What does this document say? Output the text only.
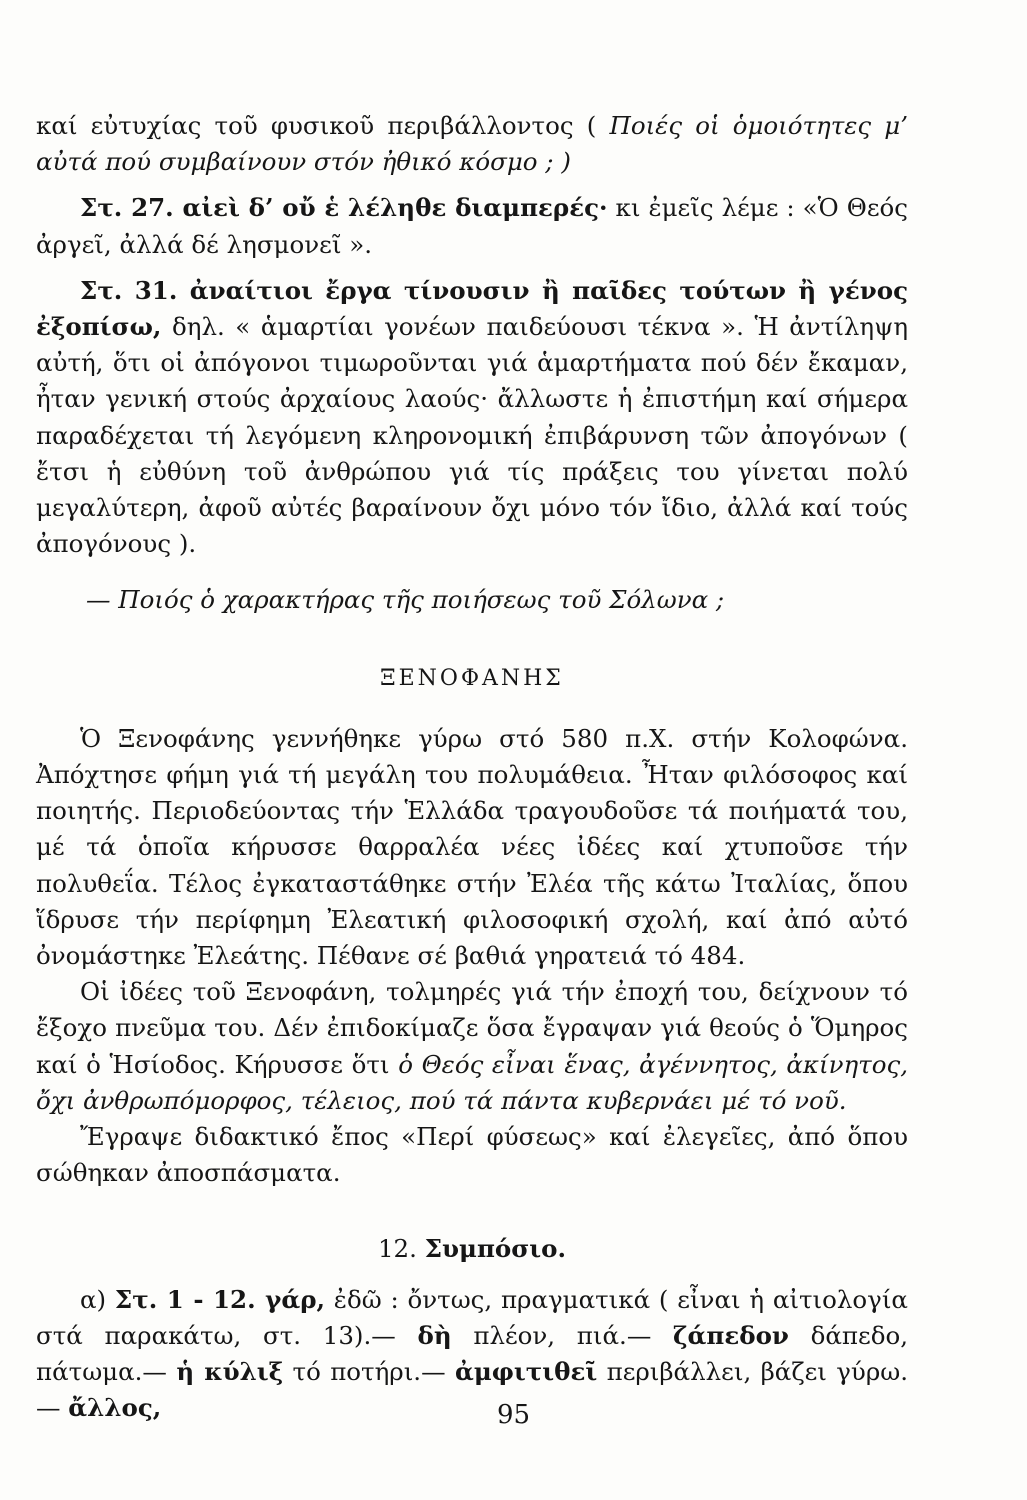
καί εὐτυχίας τοῦ φυσικοῦ περιβάλλοντος ( Ποιές οἱ ὁμοιότητες μ’ αὐτά πού συμβαίνουν στόν ἠθικό κόσμο ; )

Στ. 27. αἰεὶ δ’ οὔ ἑ λέληθε διαμπερές· κι ἐμεῖς λέμε : «Ὁ Θεός ἀργεῖ, ἀλλά δέ λησμονεῖ ».

Στ. 31. ἀναίτιοι ἔργα τίνουσιν ἢ παῖδες τούτων ἢ γένος ἐξοπίσω, δηλ. « ἁμαρτίαι γονέων παιδεύουσι τέκνα ». Ἡ ἀντίληψη αὐτή, ὅτι οἱ ἀπόγονοι τιμωροῦνται γιά ἁμαρτήματα πού δέν ἔκαμαν, ἦταν γενική στούς ἀρχαίους λαούς· ἄλλωστε ἡ ἐπιστήμη καί σήμερα παραδέχεται τή λεγόμενη κληρονομική ἐπιβάρυνση τῶν ἀπογόνων ( ἔτσι ἡ εὐθύνη τοῦ ἀνθρώπου γιά τίς πράξεις του γίνεται πολύ μεγαλύτερη, ἀφοῦ αὐτές βαραίνουν ὄχι μόνο τόν ἴδιο, ἀλλά καί τούς ἀπογόνους ).

— Ποιός ὁ χαρακτήρας τῆς ποιήσεως τοῦ Σόλωνα ;

ΞΕΝΟΦΑΝΗΣ

Ὁ Ξενοφάνης γεννήθηκε γύρω στό 580 π.Χ. στήν Κολοφώνα. Ἀπόχτησε φήμη γιά τή μεγάλη του πολυμάθεια. Ἦταν φιλόσοφος καί ποιητής. Περιοδεύοντας τήν Ἑλλάδα τραγουδοῦσε τά ποιήματά του, μέ τά ὁποῖα κήρυσσε θαρραλέα νέες ἰδέες καί χτυποῦσε τήν πολυθεΐα. Τέλος ἐγκαταστάθηκε στήν Ἐλέα τῆς κάτω Ἰταλίας, ὅπου ἵδρυσε τήν περίφημη Ἐλεατική φιλοσοφική σχολή, καί ἀπό αὐτό ὀνομάστηκε Ἐλεάτης. Πέθανε σέ βαθιά γηρατειά τό 484.

Οἱ ἰδέες τοῦ Ξενοφάνη, τολμηρές γιά τήν ἐποχή του, δείχνουν τό ἔξοχο πνεῦμα του. Δέν ἐπιδοκίμαζε ὅσα ἔγραψαν γιά θεούς ὁ Ὅμηρος καί ὁ Ἡσίοδος. Κήρυσσε ὅτι ὁ Θεός εἶναι ἕνας, ἀγέννητος, ἀκίνητος, ὄχι ἀνθρωπόμορφος, τέλειος, πού τά πάντα κυβερνάει μέ τό νοῦ.

Ἔγραψε διδακτικό ἔπος «Περί φύσεως» καί ἐλεγεῖες, ἀπό ὅπου σώθηκαν ἀποσπάσματα.

12. Συμπόσιο.

α) Στ. 1 - 12. γάρ, ἐδῶ : ὄντως, πραγματικά ( εἶναι ἡ αἰτιολογία στά παρακάτω, στ. 13).— δὴ πλέον, πιά.— ζάπεδον δάπεδο, πάτωμα.— ἡ κύλιξ τό ποτήρι.— ἀμφιτιθεῖ περιβάλλει, βάζει γύρω. — ἄλλος,	95
